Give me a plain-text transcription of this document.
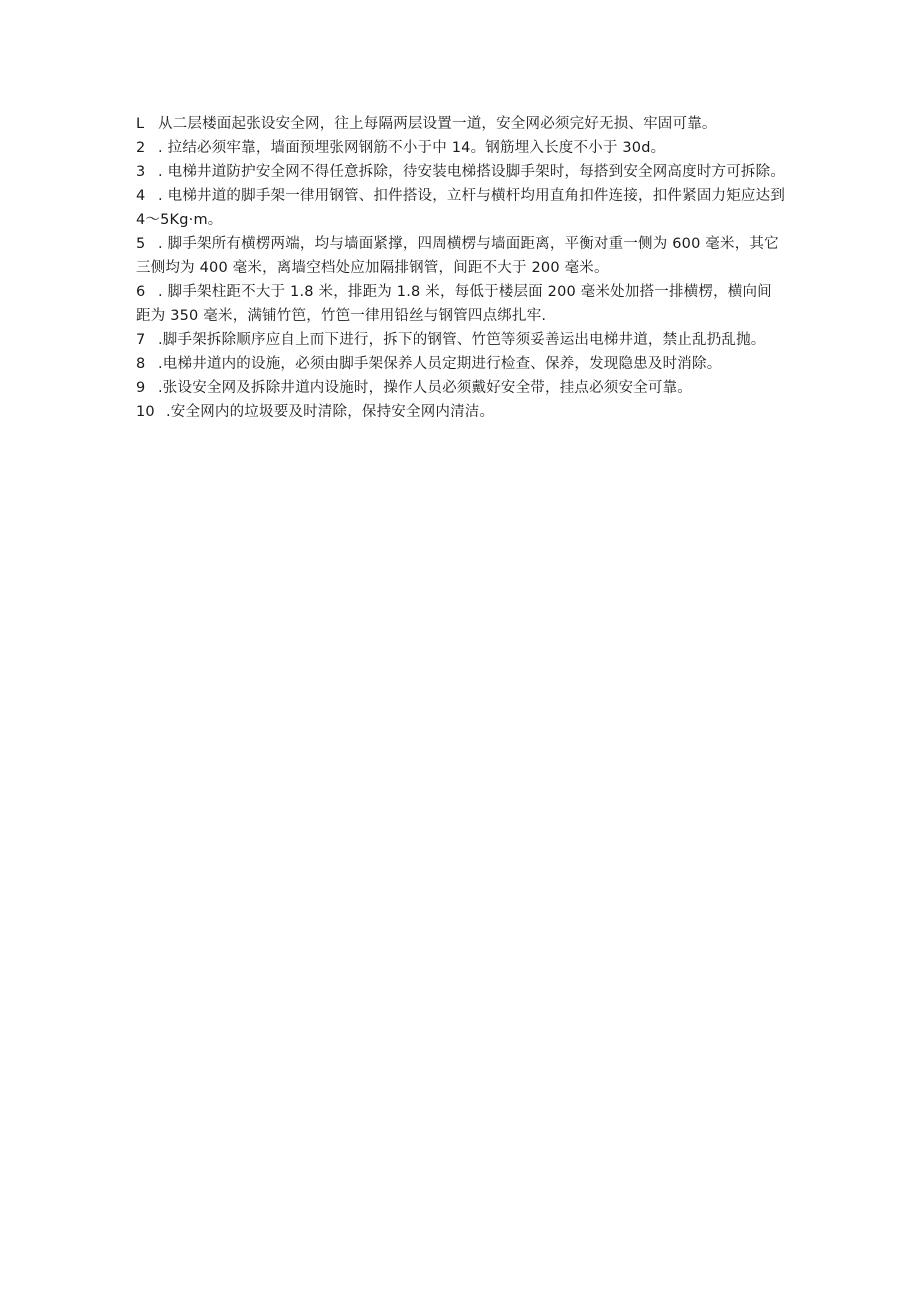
L 从二层楼面起张设安全网，往上每隔两层设置一道，安全网必须完好无损、牢固可靠。

2 . 拉结必须牢靠，墙面预埋张网钢筋不小于中 14。钢筋埋入长度不小于 30d。

3 . 电梯井道防护安全网不得任意拆除，待安装电梯搭设脚手架时，每搭到安全网高度时方可拆除。

4 . 电梯井道的脚手架一律用钢管、扣件搭设，立杆与横杆均用直角扣件连接，扣件紧固力矩应达到 4～5Kg·m。

5 . 脚手架所有横楞两端，均与墙面紧撑，四周横楞与墙面距离，平衡对重一侧为 600 毫米，其它三侧均为 400 毫米，离墙空档处应加隔排钢管，间距不大于 200 毫米。

6 . 脚手架柱距不大于 1.8 米，排距为 1.8 米，每低于楼层面 200 毫米处加搭一排横楞，横向间距为 350 毫米，满铺竹笆，竹笆一律用铅丝与钢管四点绑扎牢.

7 .脚手架拆除顺序应自上而下进行，拆下的钢管、竹笆等须妥善运出电梯井道，禁止乱扔乱抛。

8 .电梯井道内的设施，必须由脚手架保养人员定期进行检查、保养，发现隐患及时消除。

9 .张设安全网及拆除井道内设施时，操作人员必须戴好安全带，挂点必须安全可靠。

10 .安全网内的垃圾要及时清除，保持安全网内清洁。
